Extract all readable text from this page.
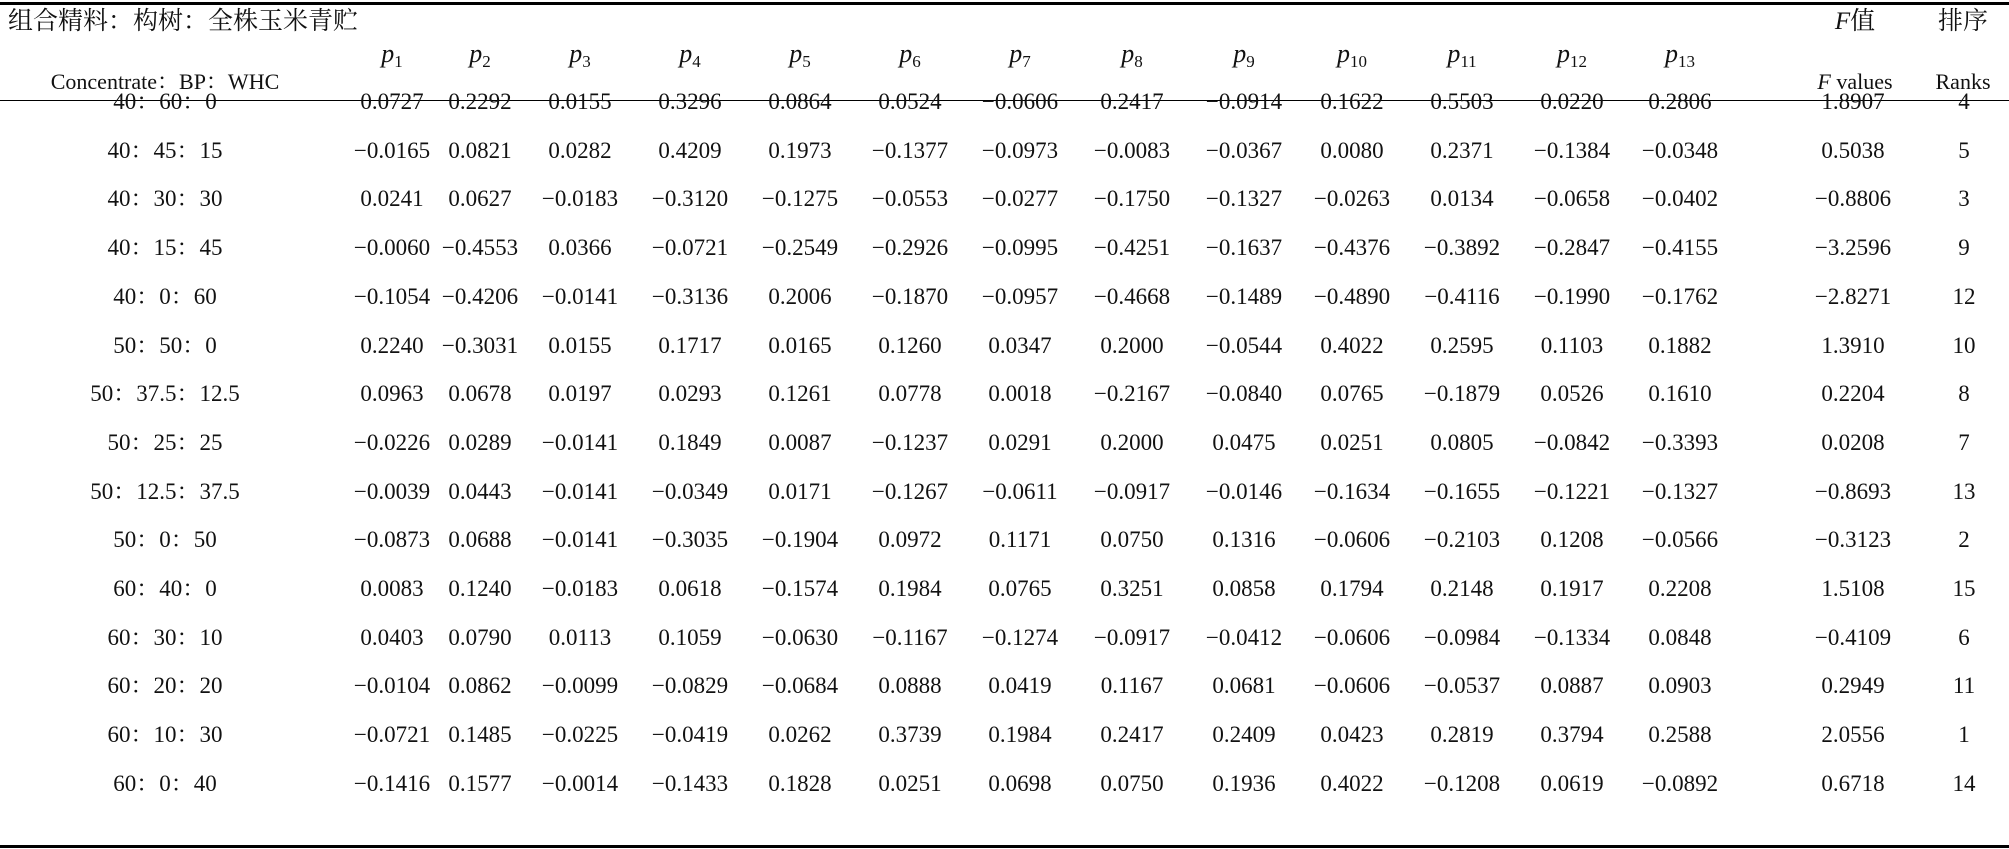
组合精料：构树：全株玉米青贮
Concentrate：BP：WHC
$p_1$	$p_2$	$p_3$	$p_4$	$p_5$	$p_6$	$p_7$	$p_8$	$p_9$	$p_{10}$	$p_{11}$	$p_{12}$	$p_{13}$
F值
F values
排序
Ranks
40：60：0	0.0727	0.2292	0.0155	0.3296	0.0864	0.0524	−0.0606	0.2417	−0.0914	0.1622	0.5503	0.0220	0.2806	1.8907	4
40：45：15	−0.0165 0.0821	0.0282	0.4209	0.1973	−0.1377	−0.0973	−0.0083	−0.0367	0.0080	0.2371	−0.1384	−0.0348	0.5038	5
40：30：30	0.0241	0.0627	−0.0183	−0.3120	−0.1275	−0.0553	−0.0277	−0.1750	−0.1327	−0.0263	0.0134	−0.0658	−0.0402	−0.8806	3
40：15：45	−0.0060 −0.4553	0.0366	−0.0721	−0.2549	−0.2926	−0.0995	−0.4251	−0.1637	−0.4376	−0.3892	−0.2847	−0.4155	−3.2596	9
40：0：60	−0.1054 −0.4206	−0.0141	−0.3136	0.2006	−0.1870	−0.0957	−0.4668	−0.1489	−0.4890	−0.4116	−0.1990	−0.1762	−2.8271	12
50：50：0	0.2240 −0.3031	0.0155	0.1717	0.0165	0.1260	0.0347	0.2000	−0.0544	0.4022	0.2595	0.1103	0.1882	1.3910	10
50：37.5：12.5	0.0963	0.0678	0.0197	0.0293	0.1261	0.0778	0.0018	−0.2167	−0.0840	0.0765	−0.1879	0.0526	0.1610	0.2204	8
50：25：25	−0.0226 0.0289	−0.0141	0.1849	0.0087	−0.1237	0.0291	0.2000	0.0475	0.0251	0.0805	−0.0842	−0.3393	0.0208	7
50：12.5：37.5	−0.0039 0.0443	−0.0141	−0.0349	0.0171	−0.1267	−0.0611	−0.0917	−0.0146	−0.1634	−0.1655	−0.1221	−0.1327	−0.8693	13
50：0：50	−0.0873 0.0688	−0.0141	−0.3035	−0.1904	0.0972	0.1171	0.0750	0.1316	−0.0606	−0.2103	0.1208	−0.0566	−0.3123	2
60：40：0	0.0083	0.1240	−0.0183	0.0618	−0.1574	0.1984	0.0765	0.3251	0.0858	0.1794	0.2148	0.1917	0.2208	1.5108	15
60：30：10	0.0403	0.0790	0.0113	0.1059	−0.0630	−0.1167	−0.1274	−0.0917	−0.0412	−0.0606	−0.0984	−0.1334	0.0848	−0.4109	6
60：20：20	−0.0104 0.0862	−0.0099	−0.0829	−0.0684	0.0888	0.0419	0.1167	0.0681	−0.0606	−0.0537	0.0887	0.0903	0.2949	11
60：10：30	−0.0721 0.1485	−0.0225	−0.0419	0.0262	0.3739	0.1984	0.2417	0.2409	0.0423	0.2819	0.3794	0.2588	2.0556	1
60：0：40	−0.1416 0.1577	−0.0014	−0.1433	0.1828	0.0251	0.0698	0.0750	0.1936	0.4022	−0.1208	0.0619	−0.0892	0.6718	14
